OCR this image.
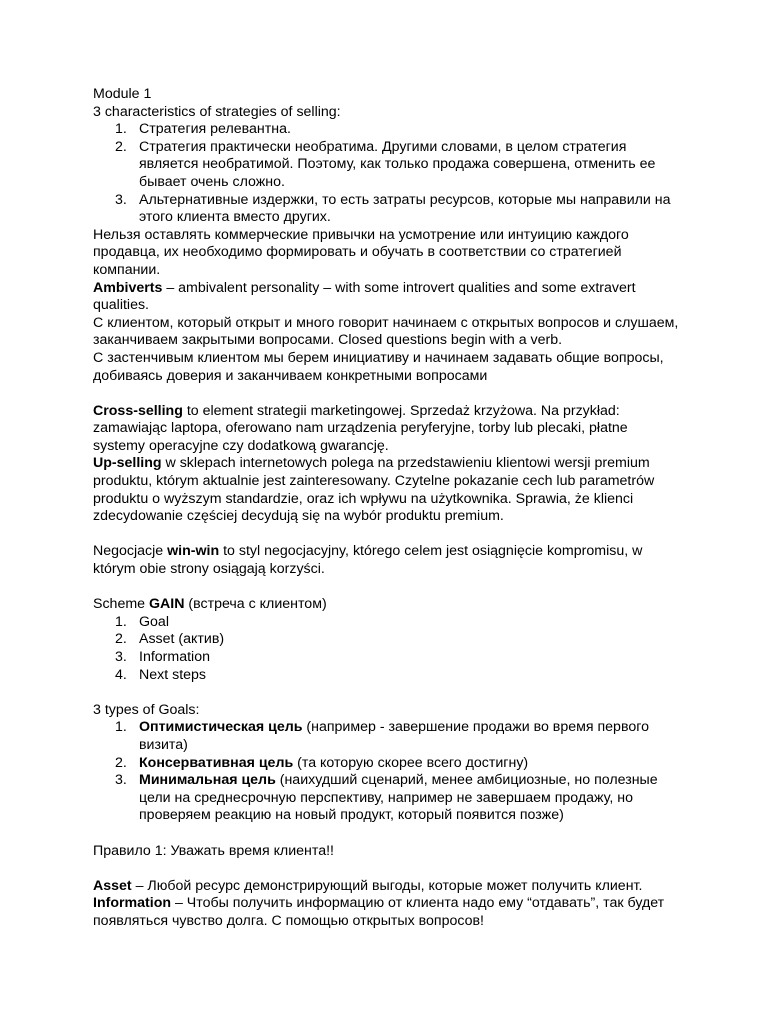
Module 1

3 characteristics of strategies of selling:

1. Стратегия релевантна.
2. Стратегия практически необратима. Другими словами, в целом стратегия является необратимой. Поэтому, как только продажа совершена, отменить ее бывает очень сложно.
3. Альтернативные издержки, то есть затраты ресурсов, которые мы направили на этого клиента вместо других.

Нельзя оставлять коммерческие привычки на усмотрение или интуицию каждого продавца, их необходимо формировать и обучать в соответствии со стратегией компании.

Ambiverts – ambivalent personality – with some introvert qualities and some extravert qualities.

С клиентом, который открыт и много говорит начинаем с открытых вопросов и слушаем, заканчиваем закрытыми вопросами. Closed questions begin with a verb.

С застенчивым клиентом мы берем инициативу и начинаем задавать общие вопросы, добиваясь доверия и заканчиваем конкретными вопросами

Cross-selling to element strategii marketingowej. Sprzedaż krzyżowa. Na przykład: zamawiając laptopa, oferowano nam urządzenia peryferyjne, torby lub plecaki, płatne systemy operacyjne czy dodatkową gwarancję.

Up-selling w sklepach internetowych polega na przedstawieniu klientowi wersji premium produktu, którym aktualnie jest zainteresowany. Czytelne pokazanie cech lub parametrów produktu o wyższym standardzie, oraz ich wpływu na użytkownika. Sprawia, że klienci zdecydowanie częściej decydują się na wybór produktu premium.

Negocjacje win-win to styl negocjacyjny, którego celem jest osiągnięcie kompromisu, w którym obie strony osiągają korzyści.

Scheme GAIN (встреча с клиентом)

1. Goal
2. Asset (актив)
3. Information
4. Next steps

3 types of Goals:

1. Оптимистическая цель (например - завершение продажи во время первого визита)
2. Консервативная цель (та которую скорее всего достигну)
3. Минимальная цель (наихудший сценарий, менее амбициозные, но полезные цели на среднесрочную перспективу, например не завершаем продажу, но проверяем реакцию на новый продукт, который появится позже)

Правило 1: Уважать время клиента!!

Asset – Любой ресурс демонстрирующий выгоды, которые может получить клиент.

Information – Чтобы получить информацию от клиента надо ему “отдавать”, так будет появляться чувство долга. С помощью открытых вопросов!
